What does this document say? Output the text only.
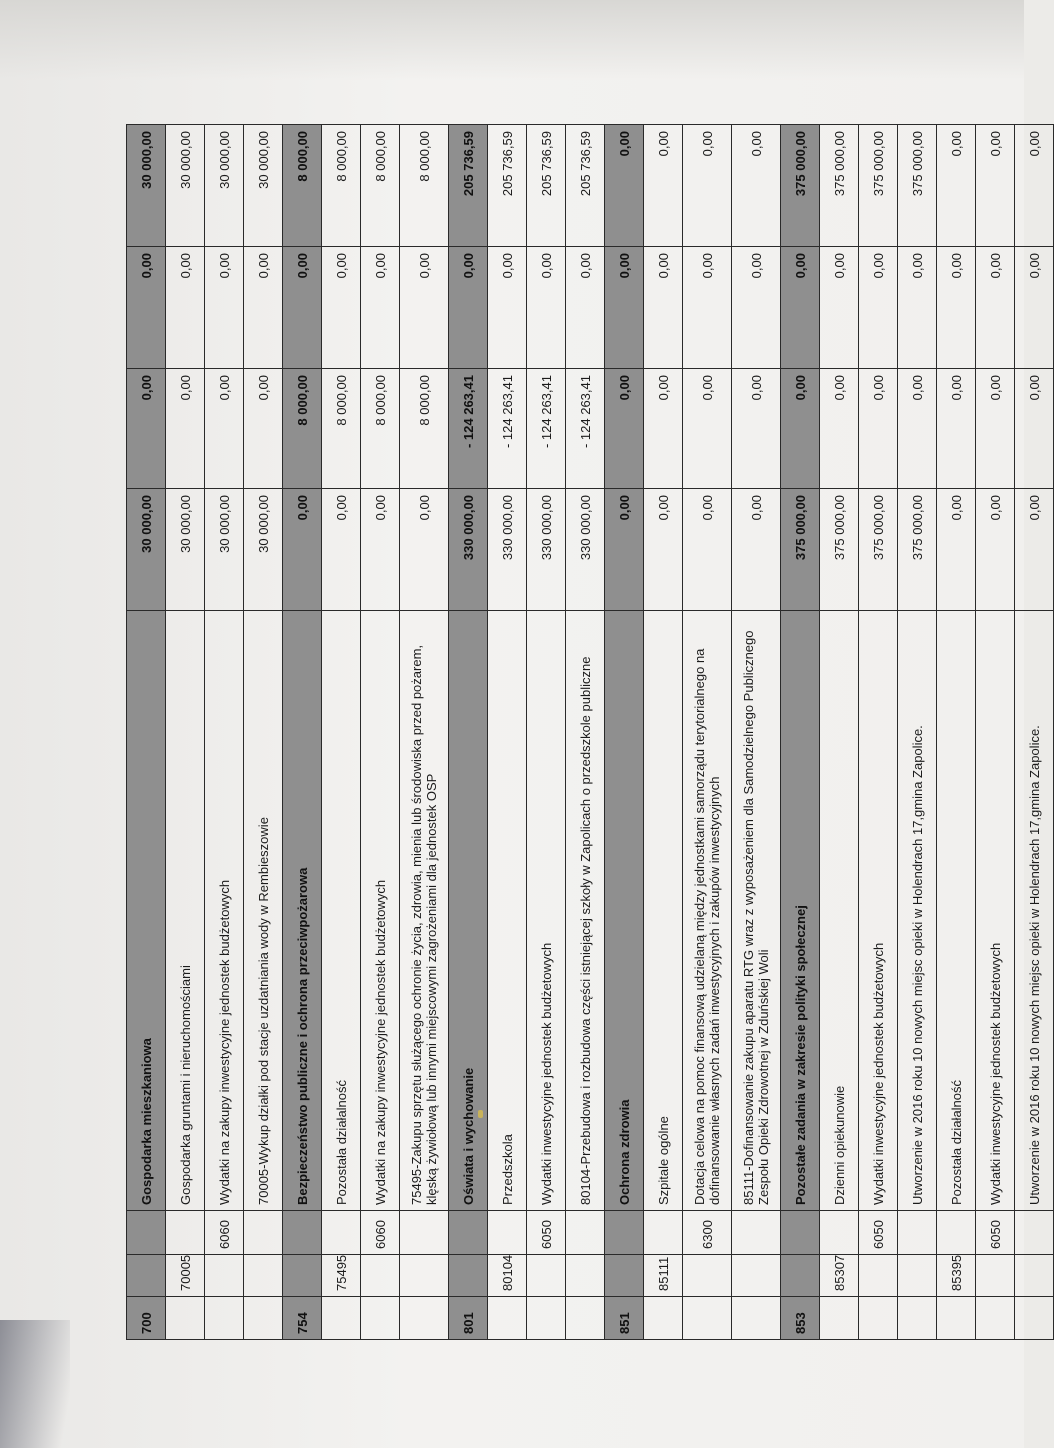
700			Gospodarka mieszkaniowa	30 000,00	0,00	0,00	30 000,00
	70005		Gospodarka gruntami i nieruchomościami	30 000,00	0,00	0,00	30 000,00
		6060	Wydatki na zakupy inwestycyjne jednostek budżetowych	30 000,00	0,00	0,00	30 000,00
			70005-Wykup działki pod stacje uzdatniania wody w Rembieszowie	30 000,00	0,00	0,00	30 000,00
754			Bezpieczeństwo publiczne i ochrona przeciwpożarowa	0,00	8 000,00	0,00	8 000,00
	75495		Pozostała działalność	0,00	8 000,00	0,00	8 000,00
		6060	Wydatki na zakupy inwestycyjne jednostek budżetowych	0,00	8 000,00	0,00	8 000,00
			75495-Zakupu sprzętu służącego ochronie życia, zdrowia, mienia lub środowiska przed pożarem, klęską żywiołową lub innymi miejscowymi zagrożeniami dla jednostek OSP	0,00	8 000,00	0,00	8 000,00
801			Oświata i wychowanie	330 000,00	- 124 263,41	0,00	205 736,59
	80104		Przedszkola	330 000,00	- 124 263,41	0,00	205 736,59
		6050	Wydatki inwestycyjne jednostek budżetowych	330 000,00	- 124 263,41	0,00	205 736,59
			80104-Przebudowa i rozbudowa części istniejącej szkoły w Zapolicach o przedszkole publiczne	330 000,00	- 124 263,41	0,00	205 736,59
851			Ochrona zdrowia	0,00	0,00	0,00	0,00
	85111		Szpitale ogólne	0,00	0,00	0,00	0,00
		6300	Dotacja celowa na pomoc finansową udzielaną między jednostkami samorządu terytorialnego na dofinansowanie własnych zadań inwestycyjnych i zakupów inwestycyjnych	0,00	0,00	0,00	0,00
			85111-Dofinansowanie zakupu aparatu RTG wraz z wyposażeniem dla Samodzielnego Publicznego Zespołu Opieki Zdrowotnej w Zduńskiej Woli	0,00	0,00	0,00	0,00
853			Pozostałe zadania w zakresie polityki społecznej	375 000,00	0,00	0,00	375 000,00
	85307		Dzienni opiekunowie	375 000,00	0,00	0,00	375 000,00
		6050	Wydatki inwestycyjne jednostek budżetowych	375 000,00	0,00	0,00	375 000,00
			Utworzenie w 2016 roku 10 nowych miejsc opieki w Holendrach 17,gmina Zapolice.	375 000,00	0,00	0,00	375 000,00
	85395		Pozostała działalność	0,00	0,00	0,00	0,00
		6050	Wydatki inwestycyjne jednostek budżetowych	0,00	0,00	0,00	0,00
			Utworzenie w 2016 roku 10 nowych miejsc opieki w Holendrach 17,gmina Zapolice.	0,00	0,00	0,00	0,00
